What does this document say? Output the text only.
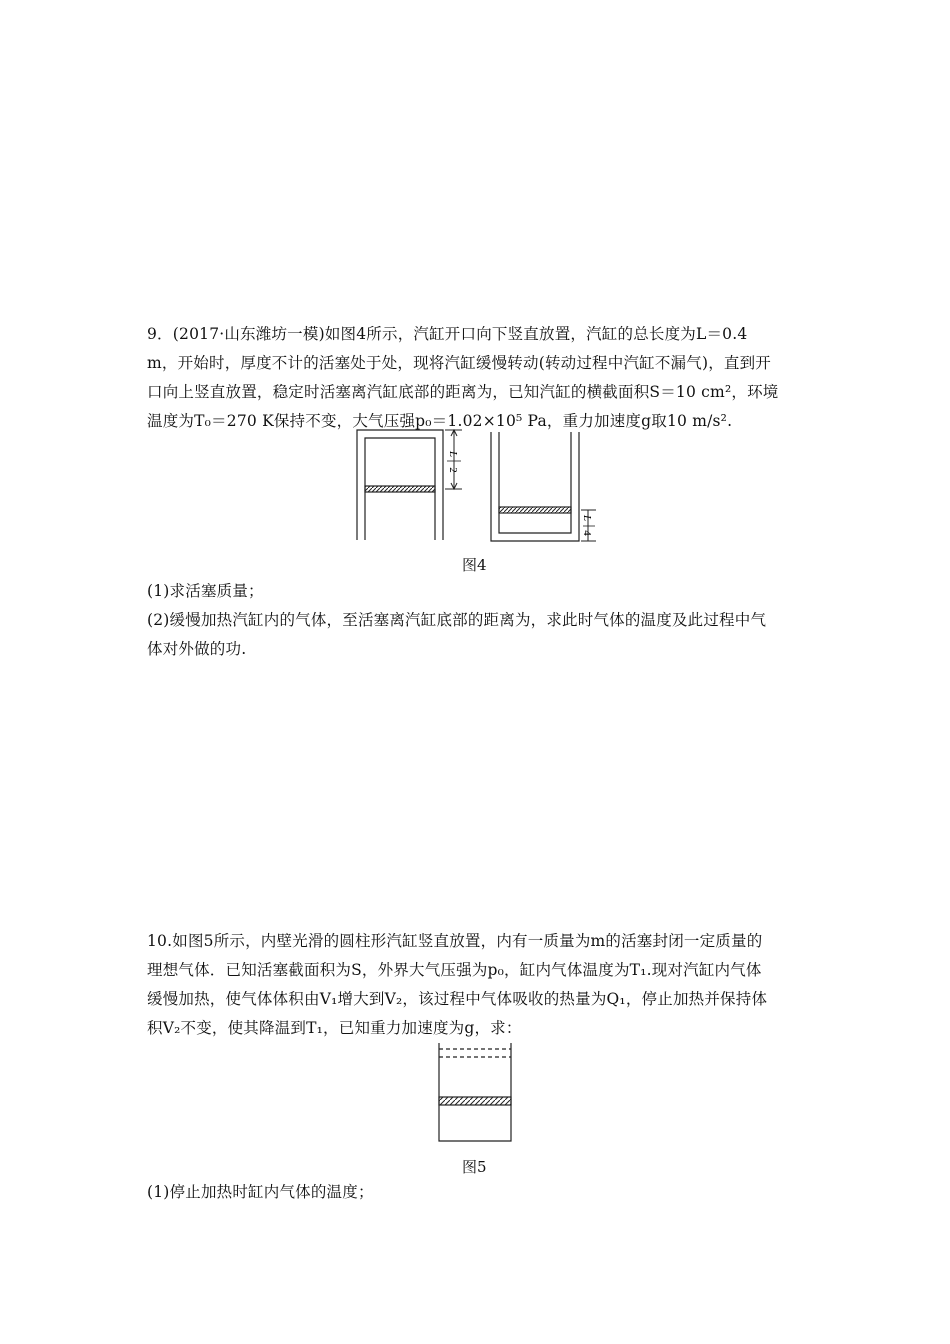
9．(2017·山东潍坊一模)如图4所示，汽缸开口向下竖直放置，汽缸的总长度为L＝0.4
m，开始时，厚度不计的活塞处于处，现将汽缸缓慢转动(转动过程中汽缸不漏气)，直到开
口向上竖直放置，稳定时活塞离汽缸底部的距离为，已知汽缸的横截面积S＝10 cm²，环境
温度为T₀＝270 K保持不变，大气压强p₀＝1.02×10⁵ Pa，重力加速度g取10 m/s².
L
2
L
4
图4
(1)求活塞质量；
(2)缓慢加热汽缸内的气体，至活塞离汽缸底部的距离为，求此时气体的温度及此过程中气
体对外做的功.
10.如图5所示，内壁光滑的圆柱形汽缸竖直放置，内有一质量为m的活塞封闭一定质量的
理想气体．已知活塞截面积为S，外界大气压强为p₀，缸内气体温度为T₁.现对汽缸内气体
缓慢加热，使气体体积由V₁增大到V₂，该过程中气体吸收的热量为Q₁，停止加热并保持体
积V₂不变，使其降温到T₁，已知重力加速度为g，求：
图5
(1)停止加热时缸内气体的温度；
